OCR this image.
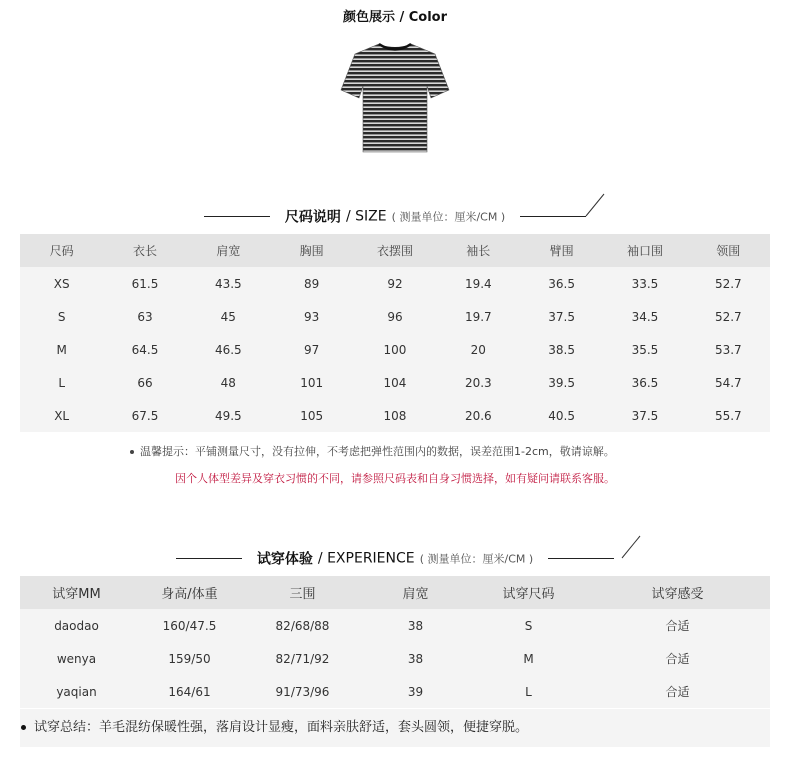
颜色展示 / Color
尺码说明 / SIZE ( 测量单位：厘米/CM )
尺码	衣长	肩宽	胸围	衣摆围	袖长	臂围	袖口围	领围
XS	61.5	43.5	89	92	19.4	36.5	33.5	52.7
S	63	45	93	96	19.7	37.5	34.5	52.7
M	64.5	46.5	97	100	20	38.5	35.5	53.7
L	66	48	101	104	20.3	39.5	36.5	54.7
XL	67.5	49.5	105	108	20.6	40.5	37.5	55.7
温馨提示：平铺测量尺寸，没有拉伸，不考虑把弹性范围内的数据，误差范围1-2cm，敬请谅解。
因个人体型差异及穿衣习惯的不同，请参照尺码表和自身习惯选择，如有疑问请联系客服。
试穿体验 / EXPERIENCE ( 测量单位：厘米/CM )
试穿MM	身高/体重	三围	肩宽	试穿尺码	试穿感受
daodao	160/47.5	82/68/88	38	S	合适
wenya	159/50	82/71/92	38	M	合适
yaqian	164/61	91/73/96	39	L	合适
试穿总结：羊毛混纺保暖性强，落肩设计显瘦，面料亲肤舒适，套头圆领，便捷穿脱。
